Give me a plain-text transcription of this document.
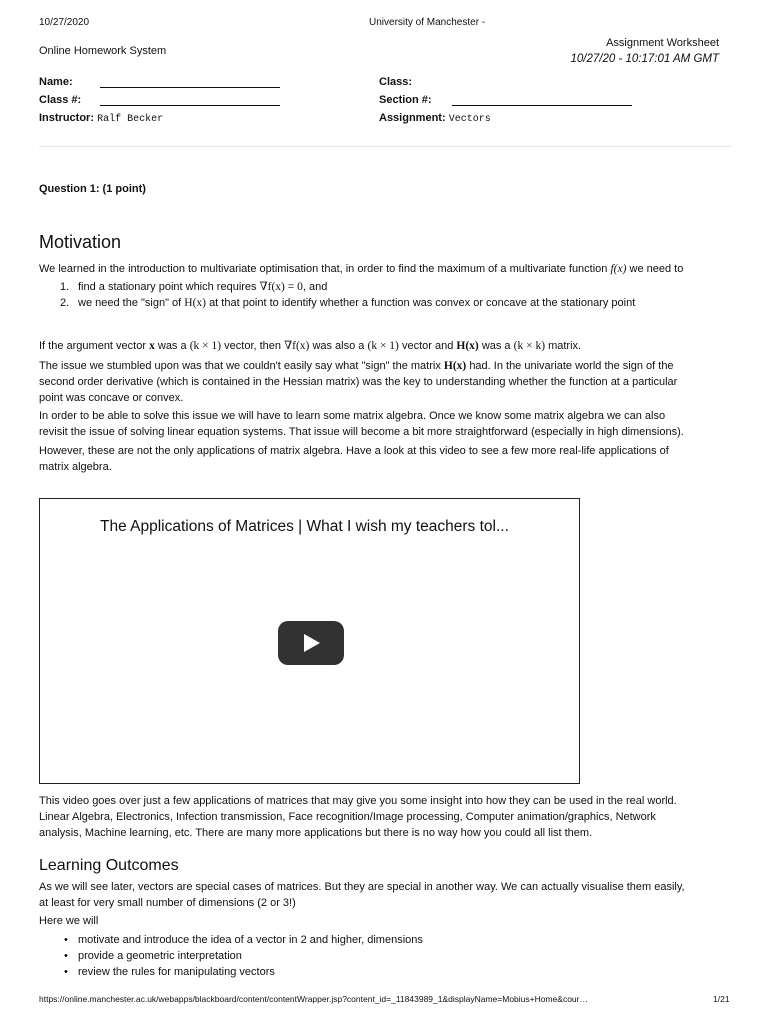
10/27/2020	University of Manchester -
Online Homework System
Assignment Worksheet
10/27/20 - 10:17:01 AM GMT
Name:
Class #:
Instructor: Ralf Becker
Class:
Section #:
Assignment: Vectors
Question 1: (1 point)
Motivation
We learned in the introduction to multivariate optimisation that, in order to find the maximum of a multivariate function f(x) we need to
1. find a stationary point which requires ∇f(x) = 0, and
2. we need the "sign" of H(x) at that point to identify whether a function was convex or concave at the stationary point
If the argument vector x was a (k × 1) vector, then ∇f(x) was also a (k × 1) vector and H(x) was a (k × k) matrix.
The issue we stumbled upon was that we couldn't easily say what "sign" the matrix H(x) had. In the univariate world the sign of the
second order derivative (which is contained in the Hessian matrix) was the key to understanding whether the function at a particular
point was concave or convex.
In order to be able to solve this issue we will have to learn some matrix algebra. Once we know some matrix algebra we can also
revisit the issue of solving linear equation systems. That issue will become a bit more straightforward (especially in high dimensions).
However, these are not the only applications of matrix algebra. Have a look at this video to see a few more real-life applications of
matrix algebra.
The Applications of Matrices | What I wish my teachers tol...
This video goes over just a few applications of matrices that may give you some insight into how they can be used in the real world.
Linear Algebra, Electronics, Infection transmission, Face recognition/Image processing, Computer animation/graphics, Network
analysis, Machine learning, etc. There are many more applications but there is no way how you could all list them.
Learning Outcomes
As we will see later, vectors are special cases of matrices. But they are special in another way. We can actually visualise them easily,
at least for very small number of dimensions (2 or 3!)
Here we will
• motivate and introduce the idea of a vector in 2 and higher, dimensions
• provide a geometric interpretation
• review the rules for manipulating vectors
https://online.manchester.ac.uk/webapps/blackboard/content/contentWrapper.jsp?content_id=_11843989_1&displayName=Mobius+Home&cour…	1/21
